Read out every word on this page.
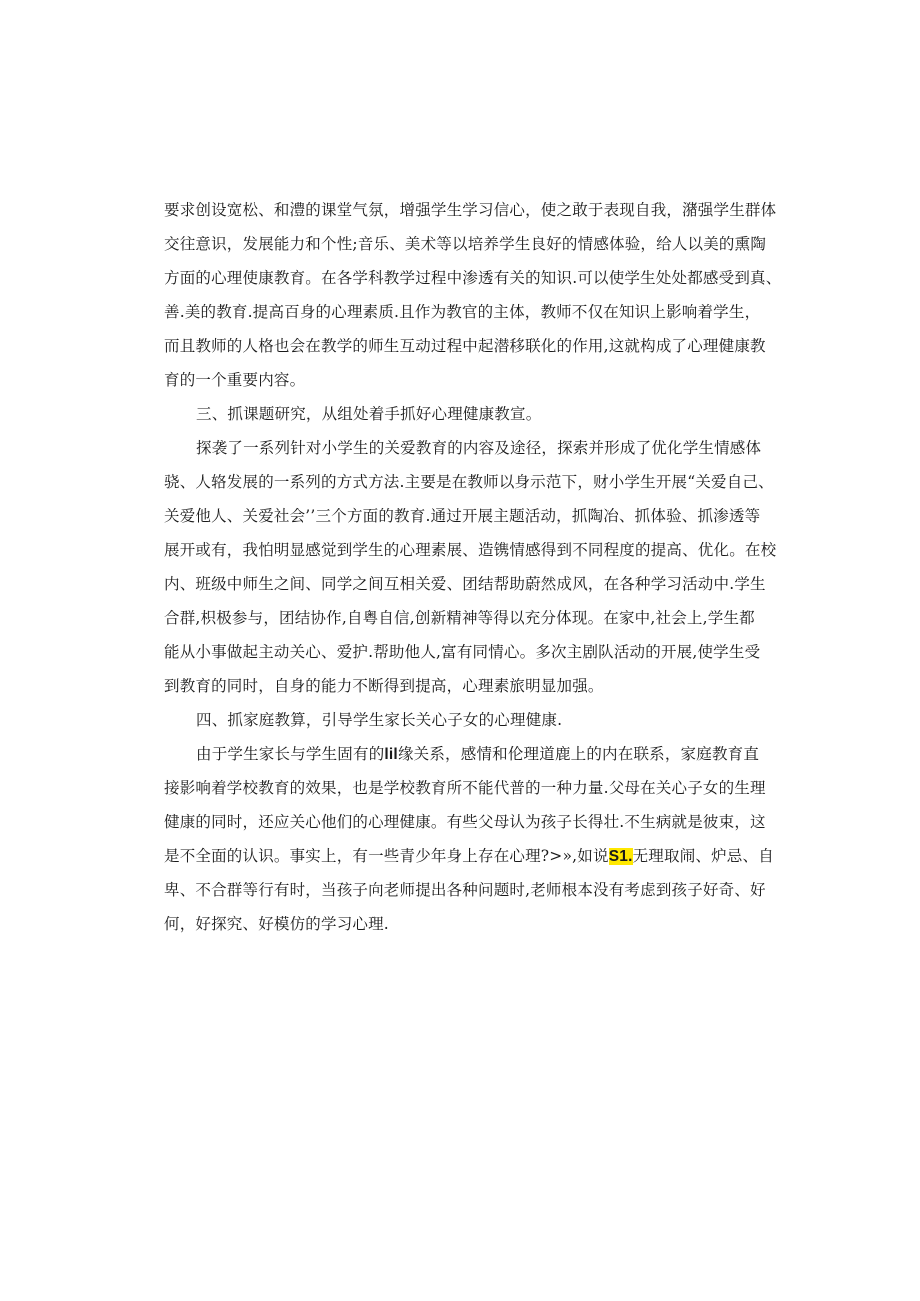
要求创设宽松、和澧的课堂气氛，增强学生学习信心，使之敢于表现自我，潴强学生群体
交往意识，发展能力和个性;音乐、美术等以培养学生良好的情感体验，给人以美的熏陶
方面的心理使康教育。在各学科教学过程中渗透有关的知识.可以使学生处处都感受到真、
善.美的教育.提高百身的心理素质.且作为教官的主体，教师不仅在知识上影响着学生，
而且教师的人格也会在教学的师生互动过程中起潜移联化的作用,这就构成了心理健康教
育的一个重要内容。
三、抓课题研究，从组处着手抓好心理健康教宣。
探袭了一系列针对小学生的关爱教育的内容及途径，探索并形成了优化学生情感体
骁、人辂发展的一系列的方式方法.主要是在教师以身示范下，财小学生开展“关爱自己、
关爱他人、关爱社会’’三个方面的教育.通过开展主题活动，抓陶冶、抓体验、抓渗透等
展开或有，我怕明显感觉到学生的心理素展、造镌情感得到不同程度的提高、优化。在校
内、班级中师生之间、同学之间互相关爱、团结帮助蔚然成风，在各种学习活动中.学生
合群,枳极参与，团结协作,自粤自信,创新精神等得以充分体现。在家中,社会上,学生都
能从小事做起主动关心、爱护.帮助他人,富有同情心。多次主剧队活动的开展,使学生受
到教育的同时，自身的能力不断得到提高，心理素旅明显加强。
四、抓家庭教算，引导学生家长关心子女的心理健康.
由于学生家长与学生固有的lil缘关系，感情和伦理道鹿上的内在联系，家庭教育直
接影响着学校教育的效果，也是学校教育所不能代普的一种力量.父母在关心子女的生理
健康的同时，还应关心他们的心理健康。有些父母认为孩子长得壮.不生病就是彼束，这
是不全面的认识。事实上，有一些青少年身上存在心理?>»,如说S1.无理取闹、炉忌、自
卑、不合群等行有时，当孩子向老师提出各种问题时,老师根本没有考虑到孩子好奇、好
何，好探究、好模仿的学习心理.
